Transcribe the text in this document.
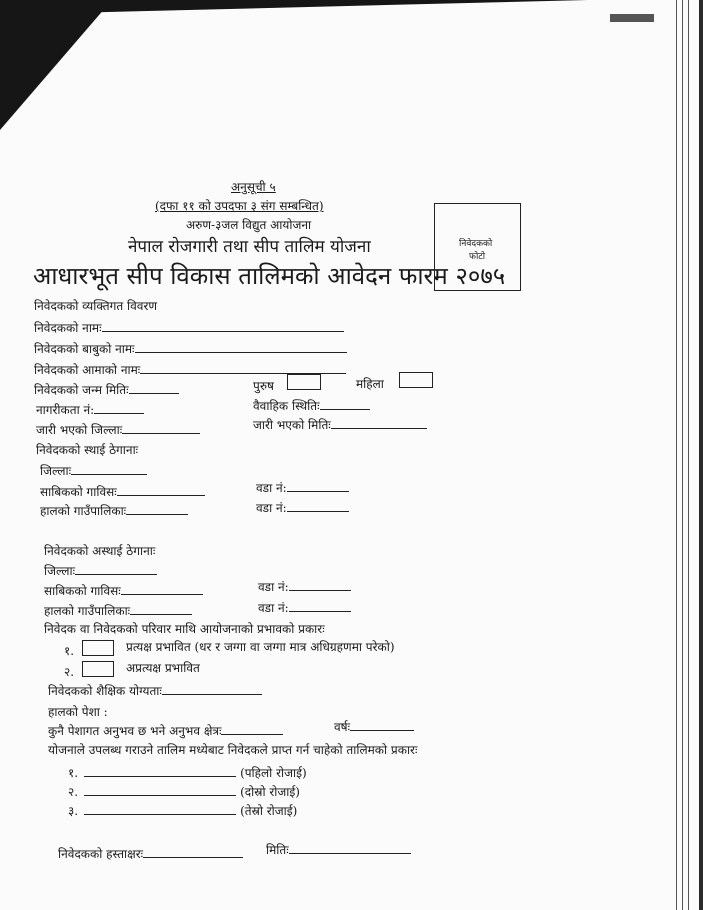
अनुसूची ५
(दफा ११ को उपदफा ३ संग सम्बन्धित)
अरुण-३जल विद्युत आयोजना
नेपाल रोजगारी तथा सीप तालिम योजना
आधारभूत सीप विकास तालिमको आवेदन फारम २०७५
निवेदकको
फोटो
निवेदकको व्यक्तिगत विवरण
निवेदकको नामः
निवेदकको बाबुको नामः
निवेदकको आमाको नामः
निवेदकको जन्म मितिः	पुरुष	महिला
नागरीकता नं:	वैवाहिक स्थितिः
जारी भएको जिल्लाः	जारी भएको मितिः
निवेदकको स्थाई ठेगानाः
जिल्लाः
साबिकको गाविसः	वडा नं:
हालको गाउँपालिकाः	वडा नं:
निवेदकको अस्थाई ठेगानाः
जिल्लाः
साबिकको गाविसः	वडा नं:
हालको गाउँपालिकाः	वडा नं:
निवेदक वा निवेदकको परिवार माथि आयोजनाको प्रभावको प्रकारः
१.	प्रत्यक्ष प्रभावित (धर र जग्गा वा जग्गा मात्र अधिग्रहणमा परेको)
२.	अप्रत्यक्ष प्रभावित
निवेदकको शैक्षिक योग्यताः
हालको पेशा :
कुनै पेशागत अनुभव छ भने अनुभव क्षेत्रः	वर्षः
योजनाले उपलब्ध गराउने तालिम मध्येबाट निवेदकले प्राप्त गर्न चाहेको तालिमको प्रकारः
१.	(पहिलो रोजाई)
२.	(दोस्रो रोजाई)
३.	(तेस्रो रोजाई)
निवेदकको हस्ताक्षरः	मितिः
